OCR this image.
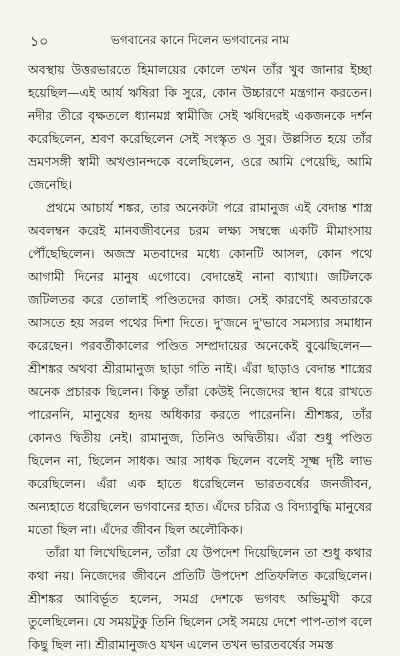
১০	ভগবানের কানে দিলেন ভগবানের নাম

অবস্থায় উত্তরভারতে হিমালয়ের কোলে তখন তাঁর খুব জানার ইচ্ছা হয়েছিল—এই আর্য ঋষিরা কি সুরে, কোন উচ্চারণে মন্ত্রগান করতেন। নদীর তীরে বৃক্ষতলে ধ্যানমগ্ন স্বামীজি সেই ঋষিদেরই একজনকে দর্শন করেছিলেন, শ্রবণ করেছিলেন সেই সংস্কৃত ও সুর। উল্লসিত হয়ে তাঁর ভ্রমণসঙ্গী স্বামী অখণ্ডানন্দকে বলেছিলেন, ওরে আমি পেয়েছি, আমি জেনেছি।

প্রথমে আচার্য শঙ্কর, তার অনেকটা পরে রামানুজ এই বেদান্ত শাস্ত্র অবলম্বন করেই মানবজীবনের চরম লক্ষ্য সম্বন্ধে একটি মীমাংসায় পৌঁছেছিলেন। অজস্র মতবাদের মধ্যে কোনটি আসল, কোন পথে আগামী দিনের মানুষ এগোবে। বেদান্তেই নানা ব্যাখ্যা। জটিলকে জটিলতর করে তোলাই পণ্ডিতদের কাজ। সেই কারণেই অবতারকে আসতে হয় সরল পথের দিশা দিতে। দু'জনে দু'ভাবে সমস্যার সমাধান করেছেন। পরবর্তীকালের পণ্ডিত সম্প্রদায়ের অনেকেই বুঝেছিলেন—শ্রীশঙ্কর অথবা শ্রীরামানুজ ছাড়া গতি নাই। এঁরা ছাড়াও বেদান্ত শাস্ত্রের অনেক প্রচারক ছিলেন। কিন্তু তাঁরা কেউই নিজেদের স্থান ধরে রাখতে পারেননি, মানুষের হৃদয় অধিকার করতে পারেননি। শ্রীশঙ্কর, তাঁর কোনও দ্বিতীয় নেই। রামানুজ, তিনিও অদ্বিতীয়। এঁরা শুধু পণ্ডিত ছিলেন না, ছিলেন সাধক। আর সাধক ছিলেন বলেই সূক্ষ্ম দৃষ্টি লাভ করেছিলেন। এঁরা এক হাতে ধরেছিলেন ভারতবর্ষের জনজীবন, অন্যহাতে ধরেছিলেন ভগবানের হাত। এঁদের চরিত্র ও বিদ্যাবুদ্ধি মানুষের মতো ছিল না। এঁদের জীবন ছিল অলৌকিক।

তাঁরা যা লিখেছিলেন, তাঁরা যে উপদেশ দিয়েছিলেন তা শুধু কথার কথা নয়। নিজেদের জীবনে প্রতিটি উপদেশ প্রতিফলিত করেছিলেন। শ্রীশঙ্কর আবির্ভূত হলেন, সমগ্র দেশকে ভগবৎ অভিমুখী করে তুলেছিলেন। যে সময়টুকু তিনি ছিলেন সেই সময়ে দেশে পাপ-তাপ বলে কিছু ছিল না। শ্রীরামানুজও যখন এলেন তখন ভারতবর্ষের সমস্ত
